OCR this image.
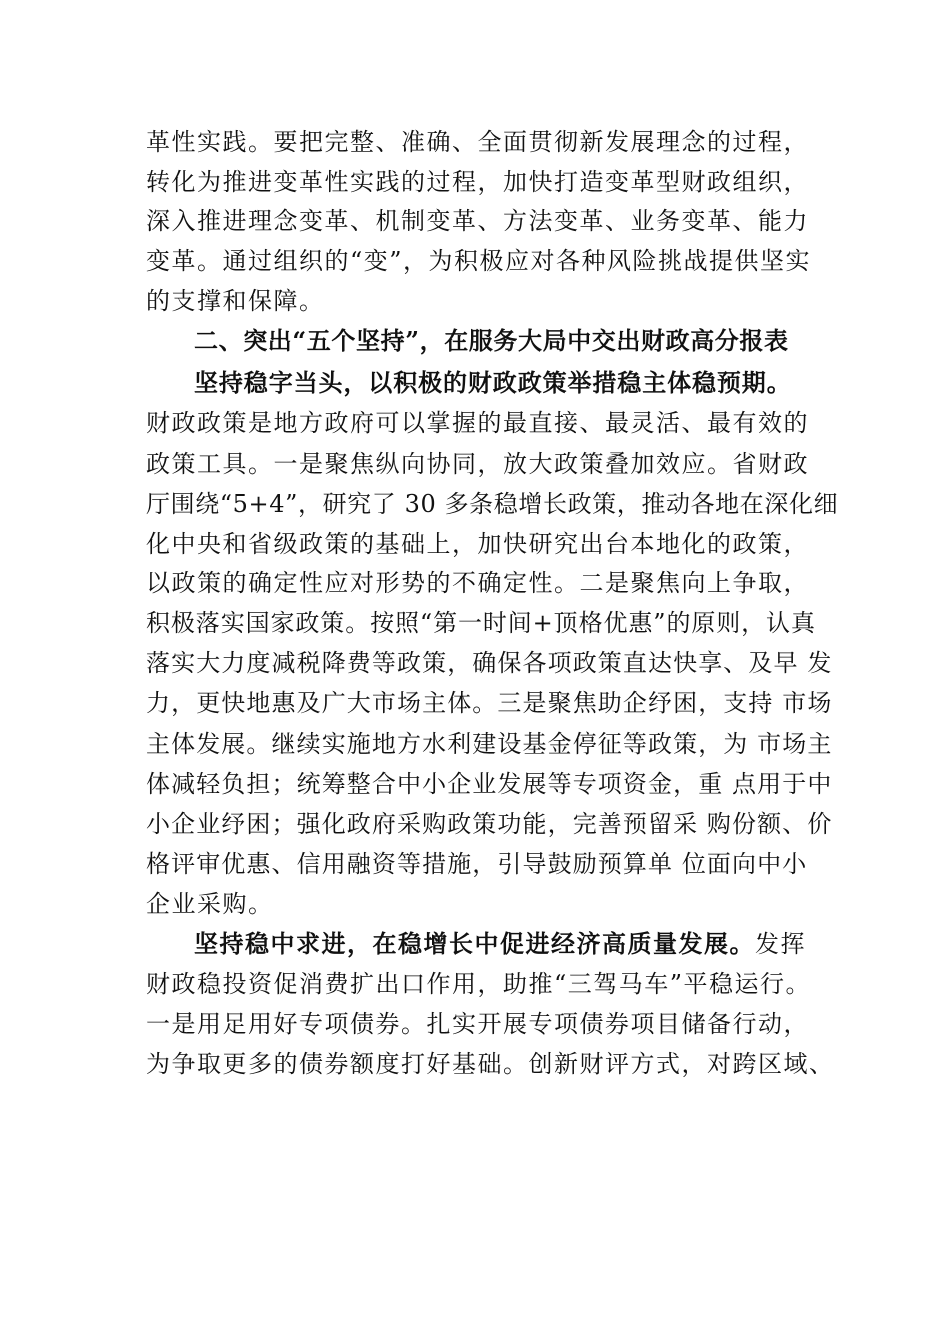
革性实践。要把完整、准确、全面贯彻新发展理念的过程，
转化为推进变革性实践的过程，加快打造变革型财政组织，
深入推进理念变革、机制变革、方法变革、业务变革、能力
变革。通过组织的“变”，为积极应对各种风险挑战提供坚实
的支撑和保障。
二、突出“五个坚持”，在服务大局中交出财政高分报表
坚持稳字当头，以积极的财政政策举措稳主体稳预期。
财政政策是地方政府可以掌握的最直接、最灵活、最有效的
政策工具。一是聚焦纵向协同，放大政策叠加效应。省财政
厅围绕“5+4”，研究了 30 多条稳增长政策，推动各地在深化细
化中央和省级政策的基础上，加快研究出台本地化的政策，
以政策的确定性应对形势的不确定性。二是聚焦向上争取，
积极落实国家政策。按照“第一时间+顶格优惠”的原则，认真
落实大力度减税降费等政策，确保各项政策直达快享、及早 发
力，更快地惠及广大市场主体。三是聚焦助企纾困，支持 市场
主体发展。继续实施地方水利建设基金停征等政策，为 市场主
体减轻负担；统筹整合中小企业发展等专项资金，重 点用于中
小企业纾困；强化政府采购政策功能，完善预留采 购份额、价
格评审优惠、信用融资等措施，引导鼓励预算单 位面向中小
企业采购。
坚持稳中求进，在稳增长中促进经济高质量发展。发挥
财政稳投资促消费扩出口作用，助推“三驾马车”平稳运行。
一是用足用好专项债券。扎实开展专项债券项目储备行动，
为争取更多的债券额度打好基础。创新财评方式，对跨区域、
